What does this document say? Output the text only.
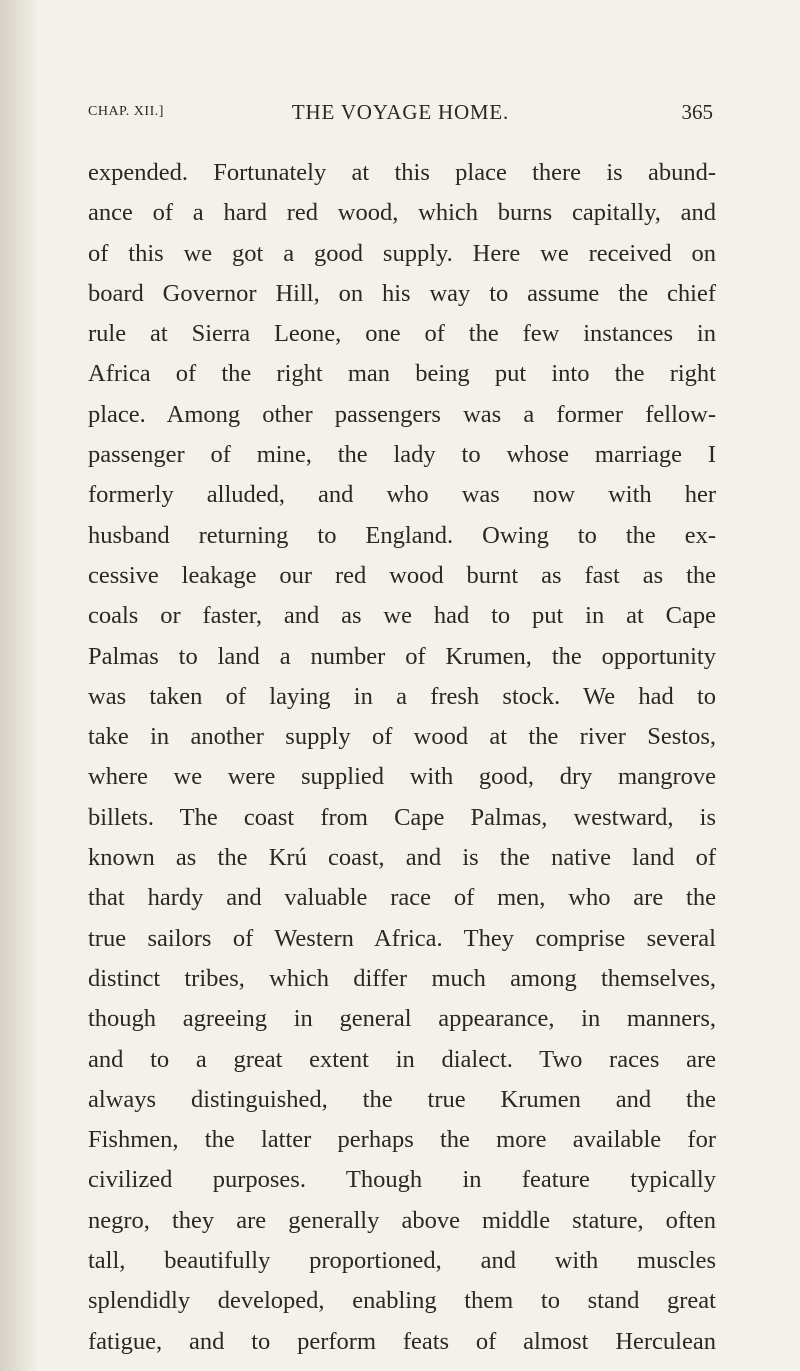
CHAP. XII.]	THE VOYAGE HOME.	365
expended. Fortunately at this place there is abund-
ance of a hard red wood, which burns capitally, and
of this we got a good supply. Here we received on
board Governor Hill, on his way to assume the chief
rule at Sierra Leone, one of the few instances in
Africa of the right man being put into the right
place. Among other passengers was a former fellow-
passenger of mine, the lady to whose marriage I
formerly alluded, and who was now with her
husband returning to England. Owing to the ex-
cessive leakage our red wood burnt as fast as the
coals or faster, and as we had to put in at Cape
Palmas to land a number of Krumen, the opportunity
was taken of laying in a fresh stock. We had to
take in another supply of wood at the river Sestos,
where we were supplied with good, dry mangrove
billets. The coast from Cape Palmas, westward, is
known as the Krú coast, and is the native land of
that hardy and valuable race of men, who are the
true sailors of Western Africa. They comprise several
distinct tribes, which differ much among themselves,
though agreeing in general appearance, in manners,
and to a great extent in dialect. Two races are
always distinguished, the true Krumen and the
Fishmen, the latter perhaps the more available for
civilized purposes. Though in feature typically
negro, they are generally above middle stature, often
tall, beautifully proportioned, and with muscles
splendidly developed, enabling them to stand great
fatigue, and to perform feats of almost Herculean
